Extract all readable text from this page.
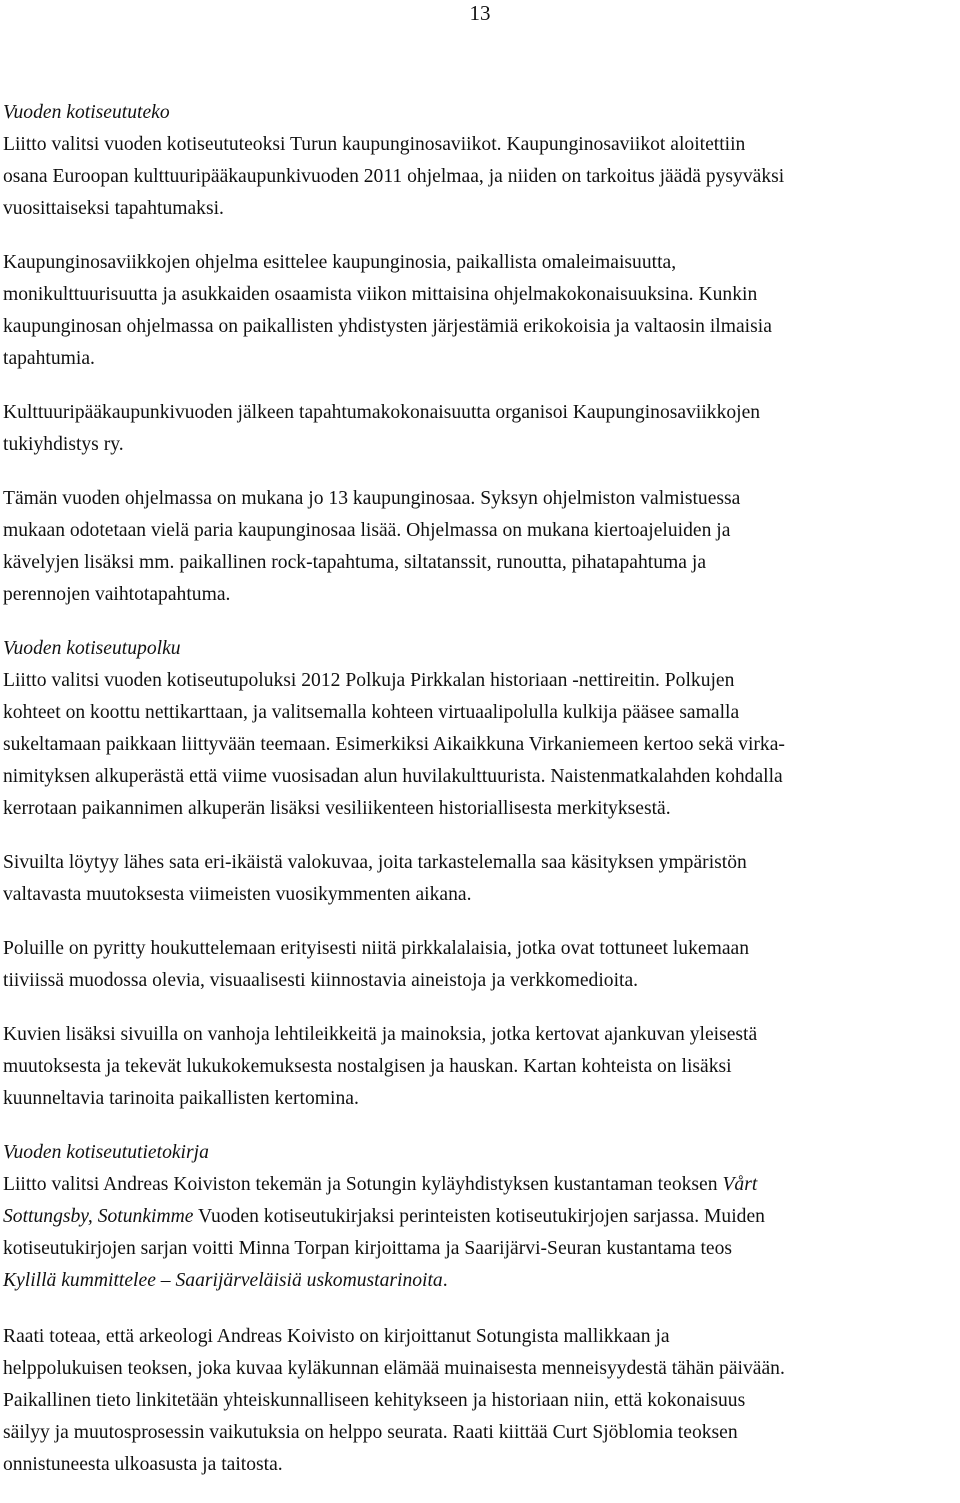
13

Vuoden kotiseututeko

Liitto valitsi vuoden kotiseututeoksi Turun kaupunginosaviikot. Kaupunginosaviikot aloitettiin
osana Euroopan kulttuuripääkaupunkivuoden 2011 ohjelmaa, ja niiden on tarkoitus jäädä pysyväksi
vuosittaiseksi tapahtumaksi.

Kaupunginosaviikkojen ohjelma esittelee kaupunginosia, paikallista omaleimaisuutta,
monikulttuurisuutta ja asukkaiden osaamista viikon mittaisina ohjelmakokonaisuuksina. Kunkin
kaupunginosan ohjelmassa on paikallisten yhdistysten järjestämiä erikokoisia ja valtaosin ilmaisia
tapahtumia.

Kulttuuripääkaupunkivuoden jälkeen tapahtumakokonaisuutta organisoi Kaupunginosaviikkojen
tukiyhdistys ry.

Tämän vuoden ohjelmassa on mukana jo 13 kaupunginosaa. Syksyn ohjelmiston valmistuessa
mukaan odotetaan vielä paria kaupunginosaa lisää. Ohjelmassa on mukana kiertoajeluiden ja
kävelyjen lisäksi mm. paikallinen rock-tapahtuma, siltatanssit, runoutta, pihatapahtuma ja
perennojen vaihtotapahtuma.

Vuoden kotiseutupolku

Liitto valitsi vuoden kotiseutupoluksi 2012 Polkuja Pirkkalan historiaan -nettireitin. Polkujen
kohteet on koottu nettikarttaan, ja valitsemalla kohteen virtuaalipolulla kulkija pääsee samalla
sukeltamaan paikkaan liittyvään teemaan. Esimerkiksi Aikaikkuna Virkaniemeen kertoo sekä virka-
nimityksen alkuperästä että viime vuosisadan alun huvilakulttuurista. Naistenmatkalahden kohdalla
kerrotaan paikannimen alkuperän lisäksi vesiliikenteen historiallisesta merkityksestä.

Sivuilta löytyy lähes sata eri-ikäistä valokuvaa, joita tarkastelemalla saa käsityksen ympäristön
valtavasta muutoksesta viimeisten vuosikymmenten aikana.

Poluille on pyritty houkuttelemaan erityisesti niitä pirkkalalaisia, jotka ovat tottuneet lukemaan
tiiviissä muodossa olevia, visuaalisesti kiinnostavia aineistoja ja verkkomedioita.

Kuvien lisäksi sivuilla on vanhoja lehtileikkeitä ja mainoksia, jotka kertovat ajankuvan yleisestä
muutoksesta ja tekevät lukukokemuksesta nostalgisen ja hauskan. Kartan kohteista on lisäksi
kuunneltavia tarinoita paikallisten kertomina.

Vuoden kotiseututietokirja

Liitto valitsi Andreas Koiviston tekemän ja Sotungin kyläyhdistyksen kustantaman teoksen Vårt
Sottungsby, Sotunkimme Vuoden kotiseutukirjaksi perinteisten kotiseutukirjojen sarjassa. Muiden
kotiseutukirjojen sarjan voitti Minna Torpan kirjoittama ja Saarijärvi-Seuran kustantama teos
Kylillä kummittelee – Saarijärveläisiä uskomustarinoita.

Raati toteaa, että arkeologi Andreas Koivisto on kirjoittanut Sotungista mallikkaan ja
helppolukuisen teoksen, joka kuvaa kyläkunnan elämää muinaisesta menneisyydestä tähän päivään.
Paikallinen tieto linkitetään yhteiskunnalliseen kehitykseen ja historiaan niin, että kokonaisuus
säilyy ja muutosprosessin vaikutuksia on helppo seurata. Raati kiittää Curt Sjöblomia teoksen
onnistuneesta ulkoasusta ja taitosta.
